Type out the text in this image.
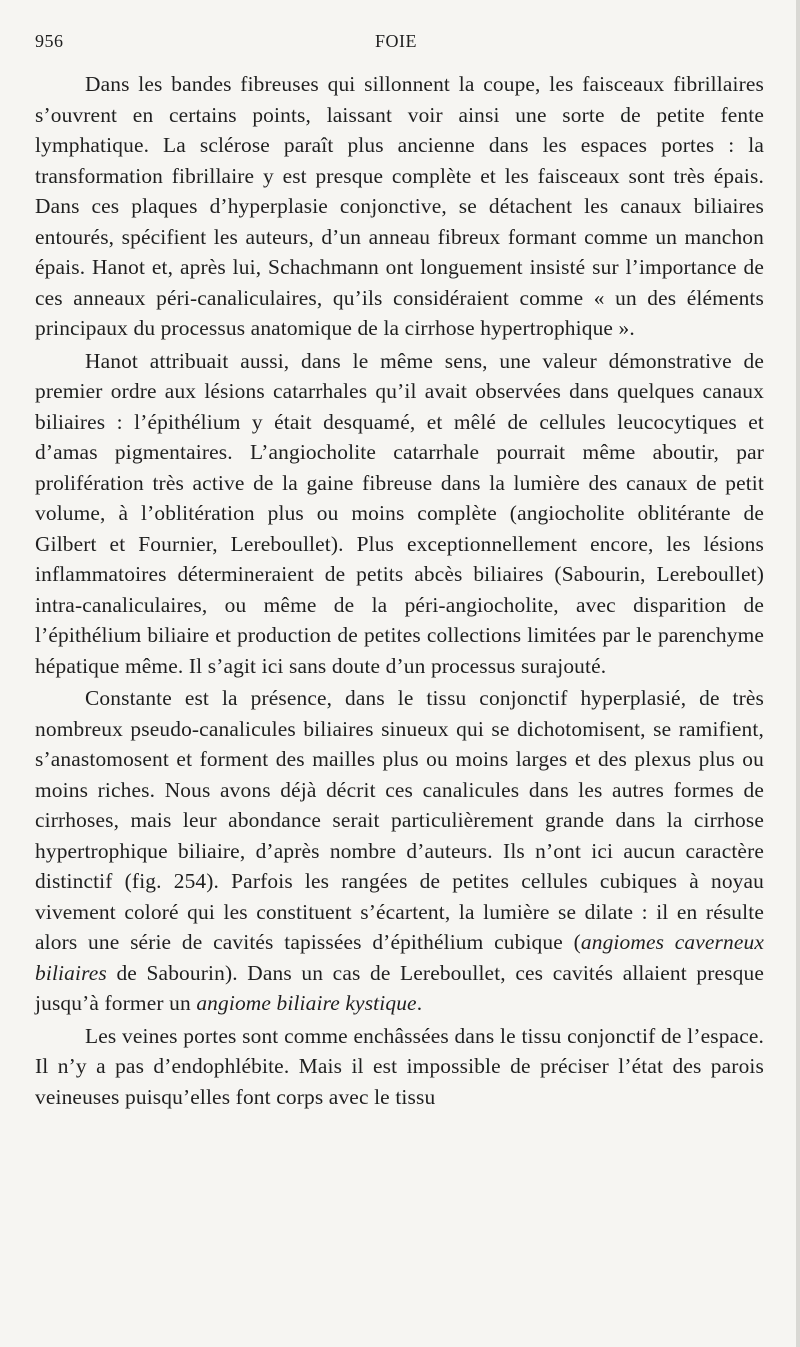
956	FOIE

Dans les bandes fibreuses qui sillonnent la coupe, les faisceaux fibrillaires s’ouvrent en certains points, laissant voir ainsi une sorte de petite fente lymphatique. La sclérose paraît plus ancienne dans les espaces portes : la transformation fibrillaire y est presque complète et les faisceaux sont très épais. Dans ces plaques d’hyperplasie conjonctive, se détachent les canaux biliaires entourés, spécifient les auteurs, d’un anneau fibreux formant comme un manchon épais. Hanot et, après lui, Schachmann ont longuement insisté sur l’importance de ces anneaux péri-canaliculaires, qu’ils considéraient comme « un des éléments principaux du processus anatomique de la cirrhose hypertrophique ».

Hanot attribuait aussi, dans le même sens, une valeur démonstrative de premier ordre aux lésions catarrhales qu’il avait observées dans quelques canaux biliaires : l’épithélium y était desquamé, et mêlé de cellules leucocytiques et d’amas pigmentaires. L’angiocholite catarrhale pourrait même aboutir, par prolifération très active de la gaine fibreuse dans la lumière des canaux de petit volume, à l’oblitération plus ou moins complète (angiocholite oblitérante de Gilbert et Fournier, Lereboullet). Plus exceptionnellement encore, les lésions inflammatoires détermineraient de petits abcès biliaires (Sabourin, Lereboullet) intra-canaliculaires, ou même de la péri-angiocholite, avec disparition de l’épithélium biliaire et production de petites collections limitées par le parenchyme hépatique même. Il s’agit ici sans doute d’un processus surajouté.

Constante est la présence, dans le tissu conjonctif hyperplasié, de très nombreux pseudo-canalicules biliaires sinueux qui se dichotomisent, se ramifient, s’anastomosent et forment des mailles plus ou moins larges et des plexus plus ou moins riches. Nous avons déjà décrit ces canalicules dans les autres formes de cirrhoses, mais leur abondance serait particulièrement grande dans la cirrhose hypertrophique biliaire, d’après nombre d’auteurs. Ils n’ont ici aucun caractère distinctif (fig. 254). Parfois les rangées de petites cellules cubiques à noyau vivement coloré qui les constituent s’écartent, la lumière se dilate : il en résulte alors une série de cavités tapissées d’épithélium cubique (angiomes caverneux biliaires de Sabourin). Dans un cas de Lereboullet, ces cavités allaient presque jusqu’à former un angiome biliaire kystique.

Les veines portes sont comme enchâssées dans le tissu conjonctif de l’espace. Il n’y a pas d’endophlébite. Mais il est impossible de préciser l’état des parois veineuses puisqu’elles font corps avec le tissu
